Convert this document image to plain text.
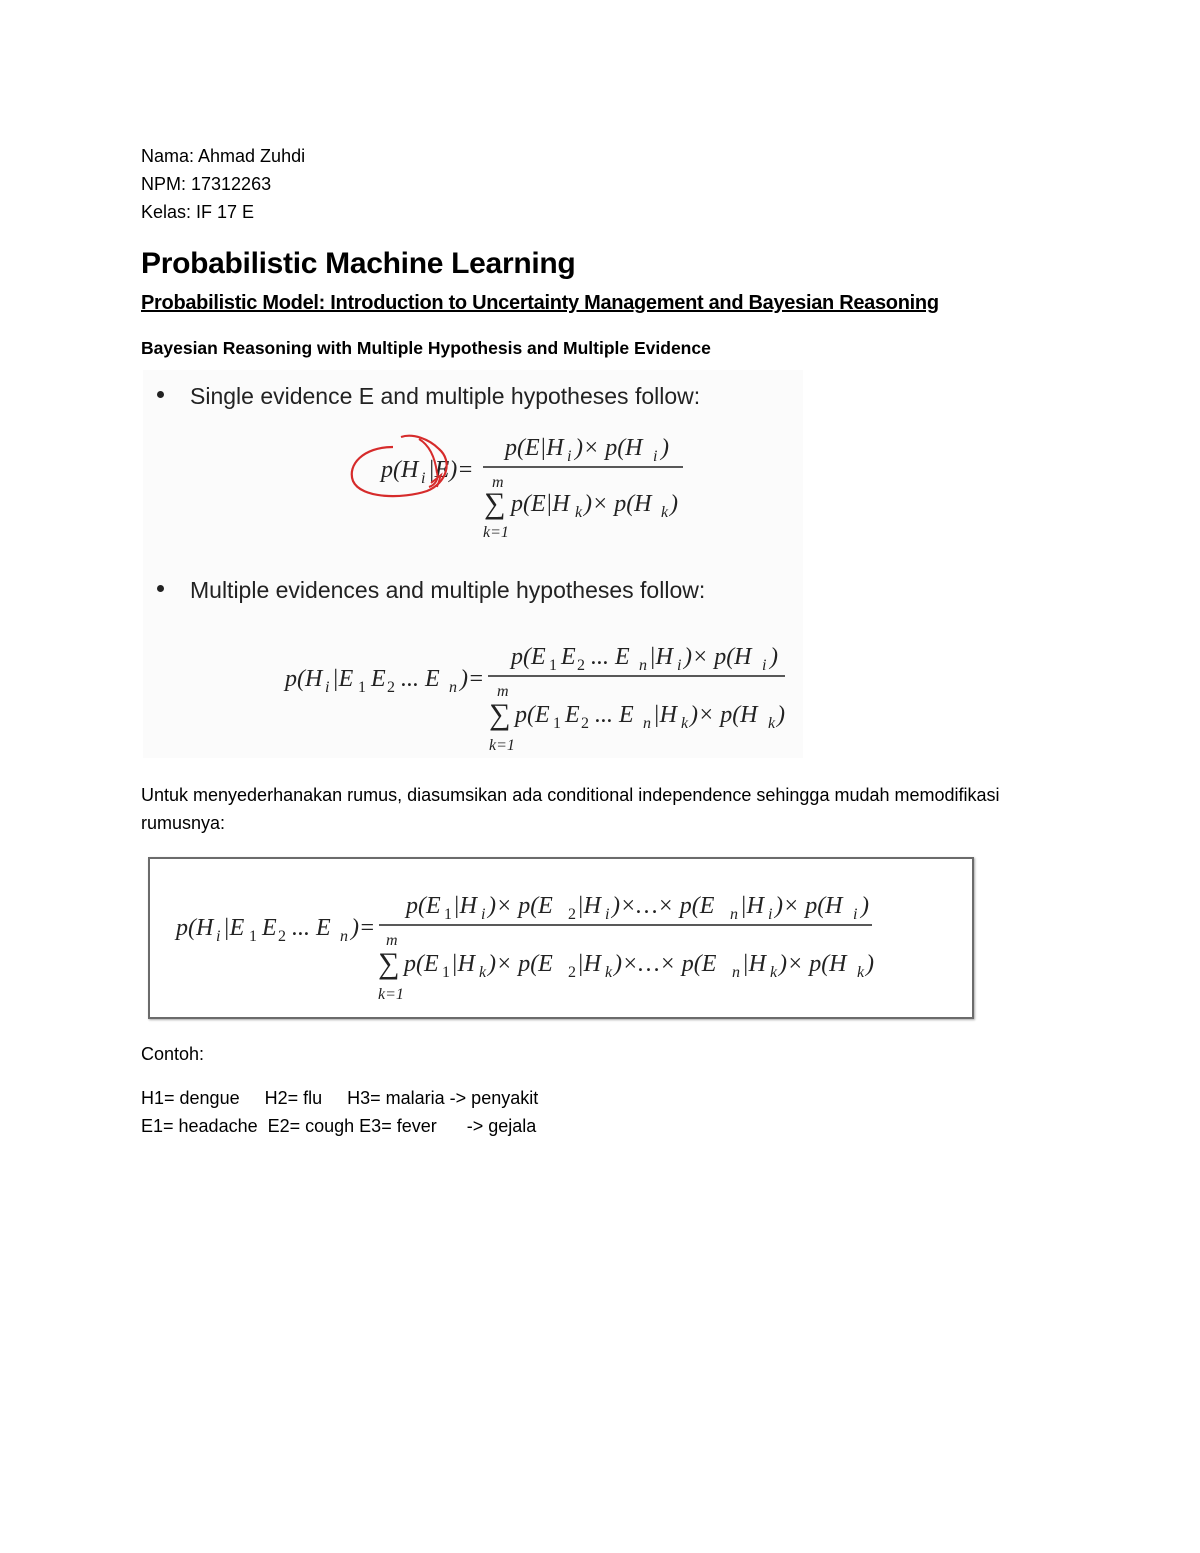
Nama: Ahmad Zuhdi
NPM: 17312263
Kelas: IF 17 E
Probabilistic Machine Learning
Probabilistic Model: Introduction to Uncertainty Management and Bayesian Reasoning
Bayesian Reasoning with Multiple Hypothesis and Multiple Evidence
Single evidence E and multiple hypotheses follow:
p(H i |E)=
p(E|H i )× p(H i )
m
∑ p(E|H k )× p(H k )
k=1
Multiple evidences and multiple hypotheses follow:
p(H i |E 1 E 2 ... E n )=
p(E 1 E 2 ... E n |H i )× p(H i )
m
∑ p(E 1 E 2 ... E n |H k )× p(H k )
k=1
Untuk menyederhanakan rumus, diasumsikan ada conditional independence sehingga mudah memodifikasi rumusnya:
p(H i |E 1 E 2 ... E n )=
p(E 1 |H i )× p(E 2 |H i )×…× p(E n |H i )× p(H i )
m
∑ p(E 1 |H k )× p(E 2 |H k )×…× p(E n |H k )× p(H k )
k=1
Contoh:
H1= dengue     H2= flu     H3= malaria -> penyakit
E1= headache  E2= cough E3= fever      -> gejala
